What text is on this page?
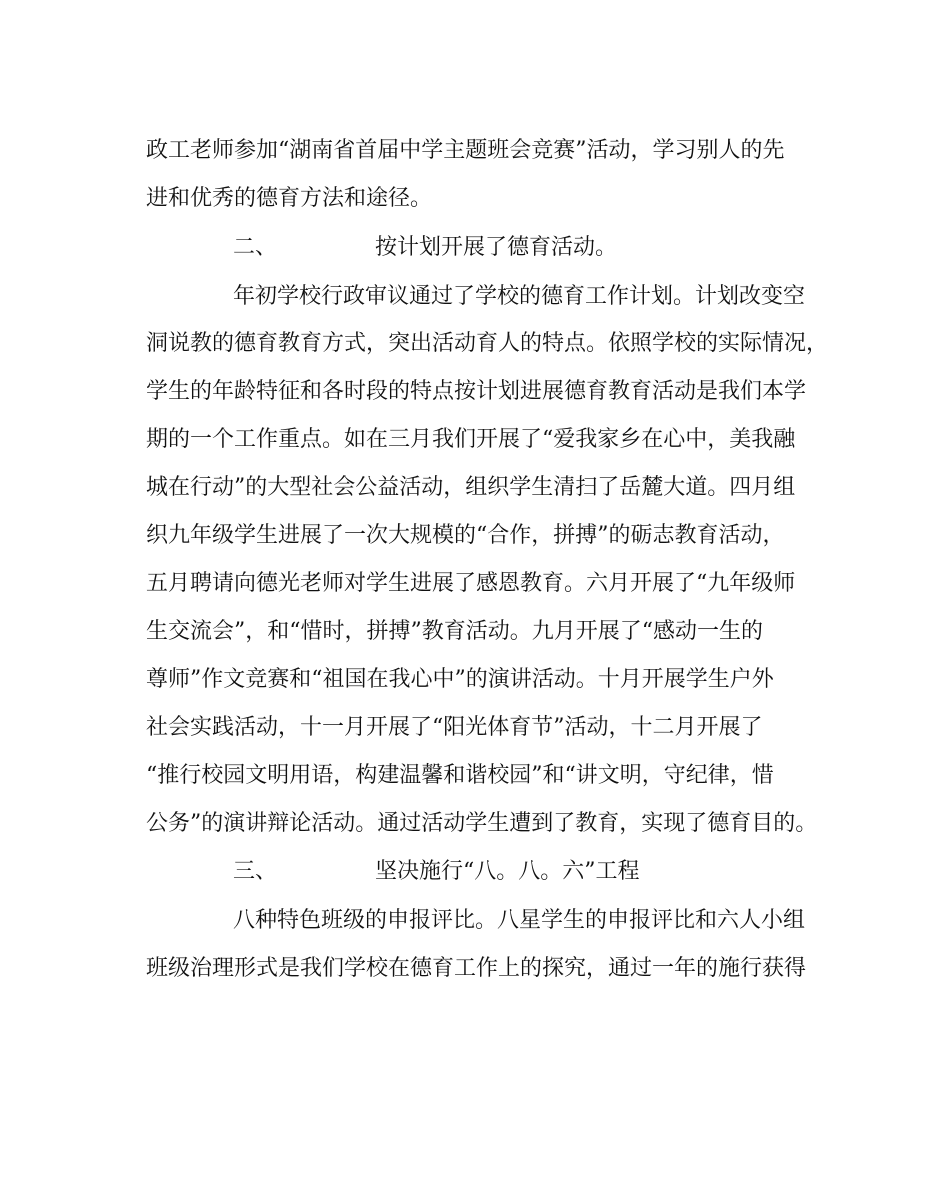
政工老师参加“湖南省首届中学主题班会竞赛”活动，学习别人的先
进和优秀的德育方法和途径。
二、	按计划开展了德育活动。
年初学校行政审议通过了学校的德育工作计划。计划改变空
洞说教的德育教育方式，突出活动育人的特点。依照学校的实际情况，
学生的年龄特征和各时段的特点按计划进展德育教育活动是我们本学
期的一个工作重点。如在三月我们开展了“爱我家乡在心中，美我融
城在行动”的大型社会公益活动，组织学生清扫了岳麓大道。四月组
织九年级学生进展了一次大规模的“合作，拼搏”的砺志教育活动，
五月聘请向德光老师对学生进展了感恩教育。六月开展了“九年级师
生交流会”，和“惜时，拼搏”教育活动。九月开展了“感动一生的
尊师”作文竞赛和“祖国在我心中”的演讲活动。十月开展学生户外
社会实践活动，十一月开展了“阳光体育节”活动，十二月开展了
“推行校园文明用语，构建温馨和谐校园”和“讲文明，守纪律，惜
公务”的演讲辩论活动。通过活动学生遭到了教育，实现了德育目的。
三、	坚决施行“八。八。六”工程
八种特色班级的申报评比。八星学生的申报评比和六人小组
班级治理形式是我们学校在德育工作上的探究，通过一年的施行获得
